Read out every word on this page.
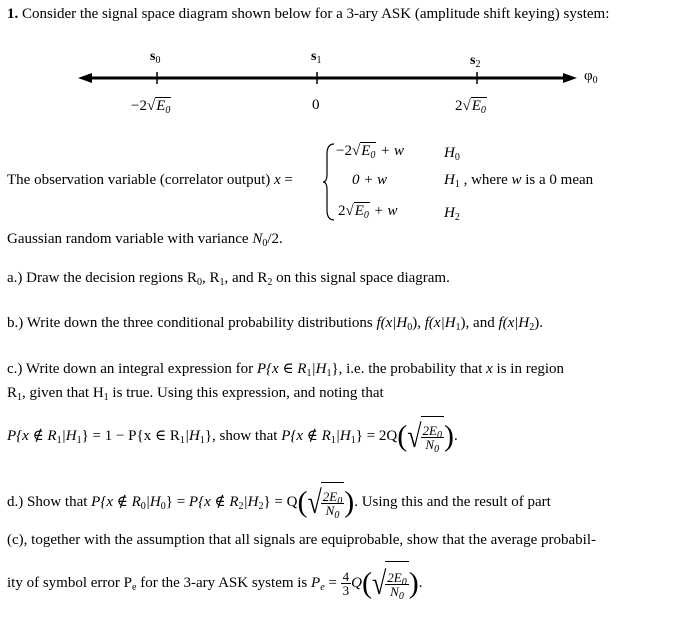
1. Consider the signal space diagram shown below for a 3-ary ASK (amplitude shift keying) system:
$s_0$	$s_1$	$s_2$
$\varphi_0$
$-2√E_0$	0	$2√E_0$
The observation variable (correlator output) x =
$-2√E_0 + w$
0 + w
$2√E_0 + w$
$H_0$
$H_1$ , where w is a 0 mean
$H_2$
Gaussian random variable with variance $N_0/2$.
a.) Draw the decision regions $R_0$, $R_1$, and $R_2$ on this signal space diagram.
b.) Write down the three conditional probability distributions $f(x|H_0)$, $f(x|H_1)$, and $f(x|H_2)$.
c.) Write down an integral expression for P{x ∈ $R_1|H_1$}, i.e. the probability that x is in region
$R_1$, given that $H_1$ is true. Using this expression, and noting that
P{x ∉ $R_1|H_1\} = 1 - P\{x$ ∈ $R_1|H_1$}, show that P{x ∉ $R_1|H_1\} = 2Q(√ \frac{2E_0}{N_0}$ ).
d.) Show that P{x ∉ $R_0|H_0\} = P\{x$ ∉ $R_2|H_2\} = Q(√ \frac{2E_0}{N_0}$ ). Using this and the result of part
(c), together with the assumption that all signals are equiprobable, show that the average probabil-
ity of symbol error $P_e$ for the 3-ary ASK system is $P_e = \frac{4}{3} Q(√ \frac{2E_0}{N_0}$ ).
